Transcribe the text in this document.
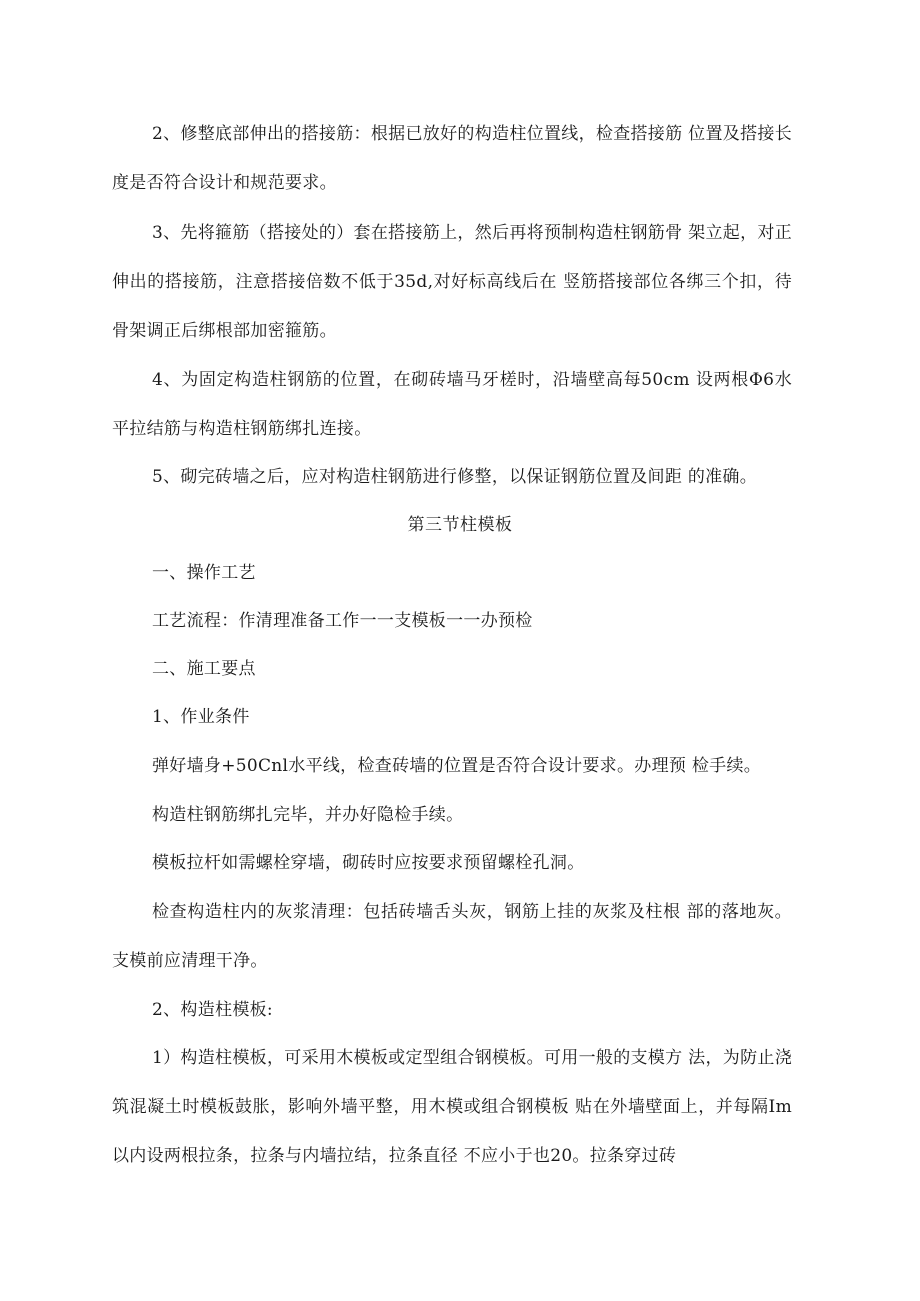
2、修整底部伸出的搭接筋：根据已放好的构造柱位置线，检查搭接筋 位置及搭接长度是否符合设计和规范要求。
3、先将箍筋（搭接处的）套在搭接筋上，然后再将预制构造柱钢筋骨 架立起，对正伸出的搭接筋，注意搭接倍数不低于35d,对好标高线后在 竖筋搭接部位各绑三个扣，待骨架调正后绑根部加密箍筋。
4、为固定构造柱钢筋的位置，在砌砖墙马牙槎时，沿墙壁高每50cm 设两根Φ6水平拉结筋与构造柱钢筋绑扎连接。
5、砌完砖墙之后，应对构造柱钢筋进行修整，以保证钢筋位置及间距 的准确。
第三节柱模板
一、操作工艺
工艺流程：作清理准备工作一一支模板一一办预检
二、施工要点
1、作业条件
弹好墙身+50Cnl水平线，检查砖墙的位置是否符合设计要求。办理预 检手续。
构造柱钢筋绑扎完毕，并办好隐检手续。
模板拉杆如需螺栓穿墙，砌砖时应按要求预留螺栓孔洞。
检查构造柱内的灰浆清理：包括砖墙舌头灰，钢筋上挂的灰浆及柱根 部的落地灰。支模前应清理干净。
2、构造柱模板:
1）构造柱模板，可采用木模板或定型组合钢模板。可用一般的支模方 法，为防止浇筑混凝土时模板鼓胀，影响外墙平整，用木模或组合钢模板 贴在外墙壁面上，并每隔Im以内设两根拉条，拉条与内墙拉结，拉条直径 不应小于也20。拉条穿过砖
